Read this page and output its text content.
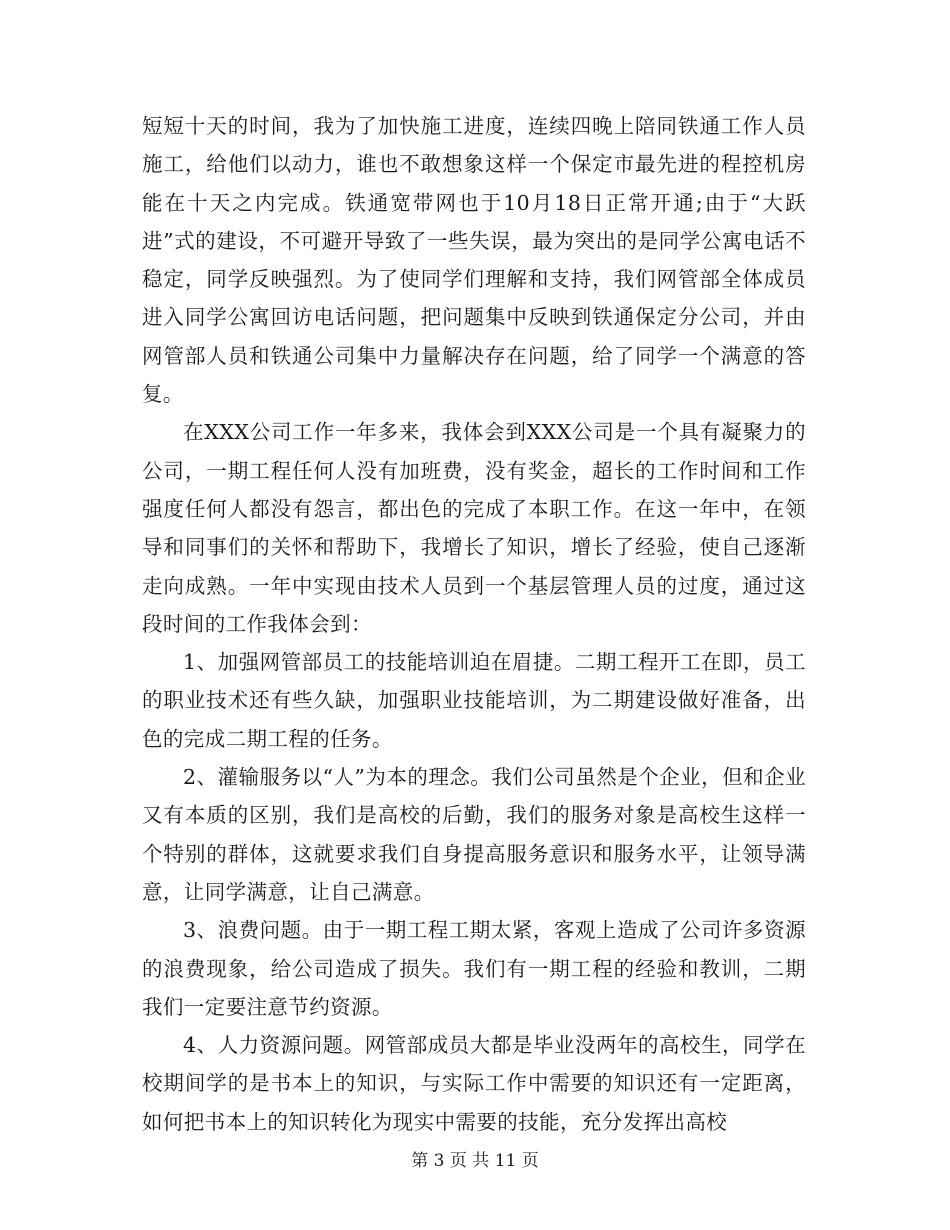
短短十天的时间，我为了加快施工进度，连续四晚上陪同铁通工作人员施工，给他们以动力，谁也不敢想象这样一个保定市最先进的程控机房能在十天之内完成。铁通宽带网也于10月18日正常开通;由于“大跃进”式的建设，不可避开导致了一些失误，最为突出的是同学公寓电话不稳定，同学反映强烈。为了使同学们理解和支持，我们网管部全体成员进入同学公寓回访电话问题，把问题集中反映到铁通保定分公司，并由网管部人员和铁通公司集中力量解决存在问题，给了同学一个满意的答复。

在XXX公司工作一年多来，我体会到XXX公司是一个具有凝聚力的公司，一期工程任何人没有加班费，没有奖金，超长的工作时间和工作强度任何人都没有怨言，都出色的完成了本职工作。在这一年中，在领导和同事们的关怀和帮助下，我增长了知识，增长了经验，使自己逐渐走向成熟。一年中实现由技术人员到一个基层管理人员的过度，通过这段时间的工作我体会到：

1、加强网管部员工的技能培训迫在眉捷。二期工程开工在即，员工的职业技术还有些久缺，加强职业技能培训，为二期建设做好准备，出色的完成二期工程的任务。

2、灌输服务以“人”为本的理念。我们公司虽然是个企业，但和企业又有本质的区别，我们是高校的后勤，我们的服务对象是高校生这样一个特别的群体，这就要求我们自身提高服务意识和服务水平，让领导满意，让同学满意，让自己满意。

3、浪费问题。由于一期工程工期太紧，客观上造成了公司许多资源的浪费现象，给公司造成了损失。我们有一期工程的经验和教训，二期我们一定要注意节约资源。

4、人力资源问题。网管部成员大都是毕业没两年的高校生，同学在校期间学的是书本上的知识，与实际工作中需要的知识还有一定距离，如何把书本上的知识转化为现实中需要的技能，充分发挥出高校

第 3 页 共 11 页
